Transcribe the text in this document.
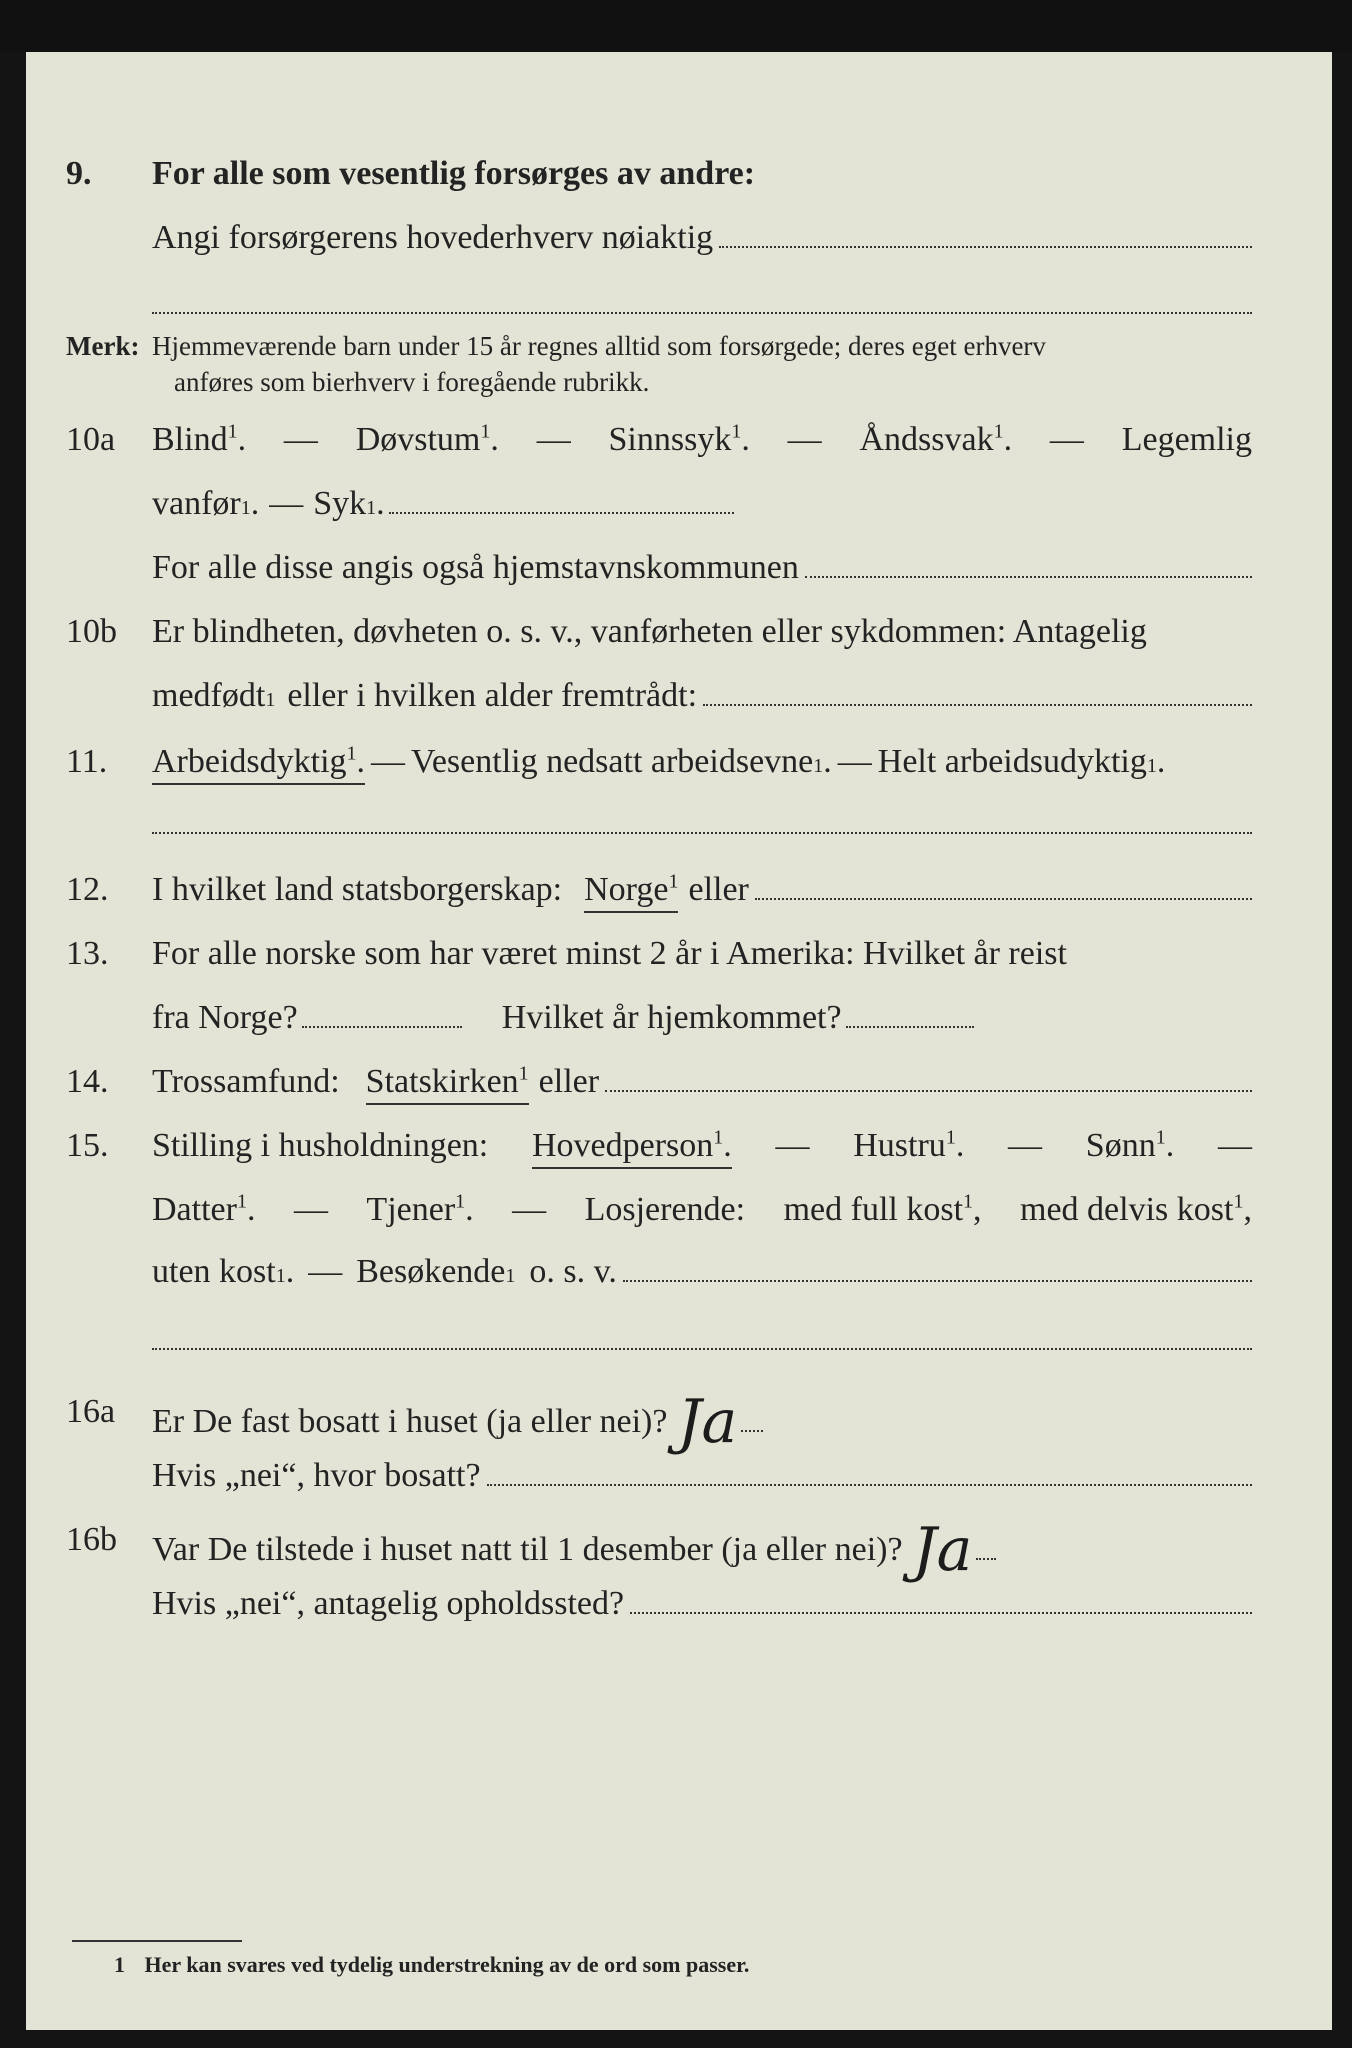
9. For alle som vesentlig forsørges av andre:
Angi forsørgerens hovederhverv nøiaktig
Merk: Hjemmeværende barn under 15 år regnes alltid som forsørgede; deres eget erhverv
anføres som bierhverv i foregående rubrikk.
10a Blind$^1$. — Døvstum$^1$. — Sinnssyk$^1$. — Åndssvak$^1$. — Legemlig
vanfør 1 . — Syk 1 .
For alle disse angis også hjemstavnskommunen
10b Er blindheten, døvheten o. s. v., vanførheten eller sykdommen: Antagelig
medfødt 1 eller i hvilken alder fremtrådt:
11. Arbeidsdyktig$^1$. — Vesentlig nedsatt arbeidsevne 1 . — Helt arbeidsudyktig 1 .
12. I hvilket land statsborgerskap: Norge$^1$ eller
13. For alle norske som har været minst 2 år i Amerika: Hvilket år reist
fra Norge?	Hvilket år hjemkommet?
14. Trossamfund: Statskirken$^1$ eller
15. Stilling i husholdningen: Hovedperson$^1$. — Hustru$^1$. — Sønn$^1$. —
Datter$^1$. — Tjener$^1$. — Losjerende: med full kost$^1$, med delvis kost$^1$,
uten kost 1 . — Besøkende 1 o. s. v.
16a Er De fast bosatt i huset (ja eller nei)? Ja
Hvis „nei“, hvor bosatt?
16b Var De tilstede i huset natt til 1 desember (ja eller nei)? Ja
Hvis „nei“, antagelig opholdssted?
1 Her kan svares ved tydelig understrekning av de ord som passer.
